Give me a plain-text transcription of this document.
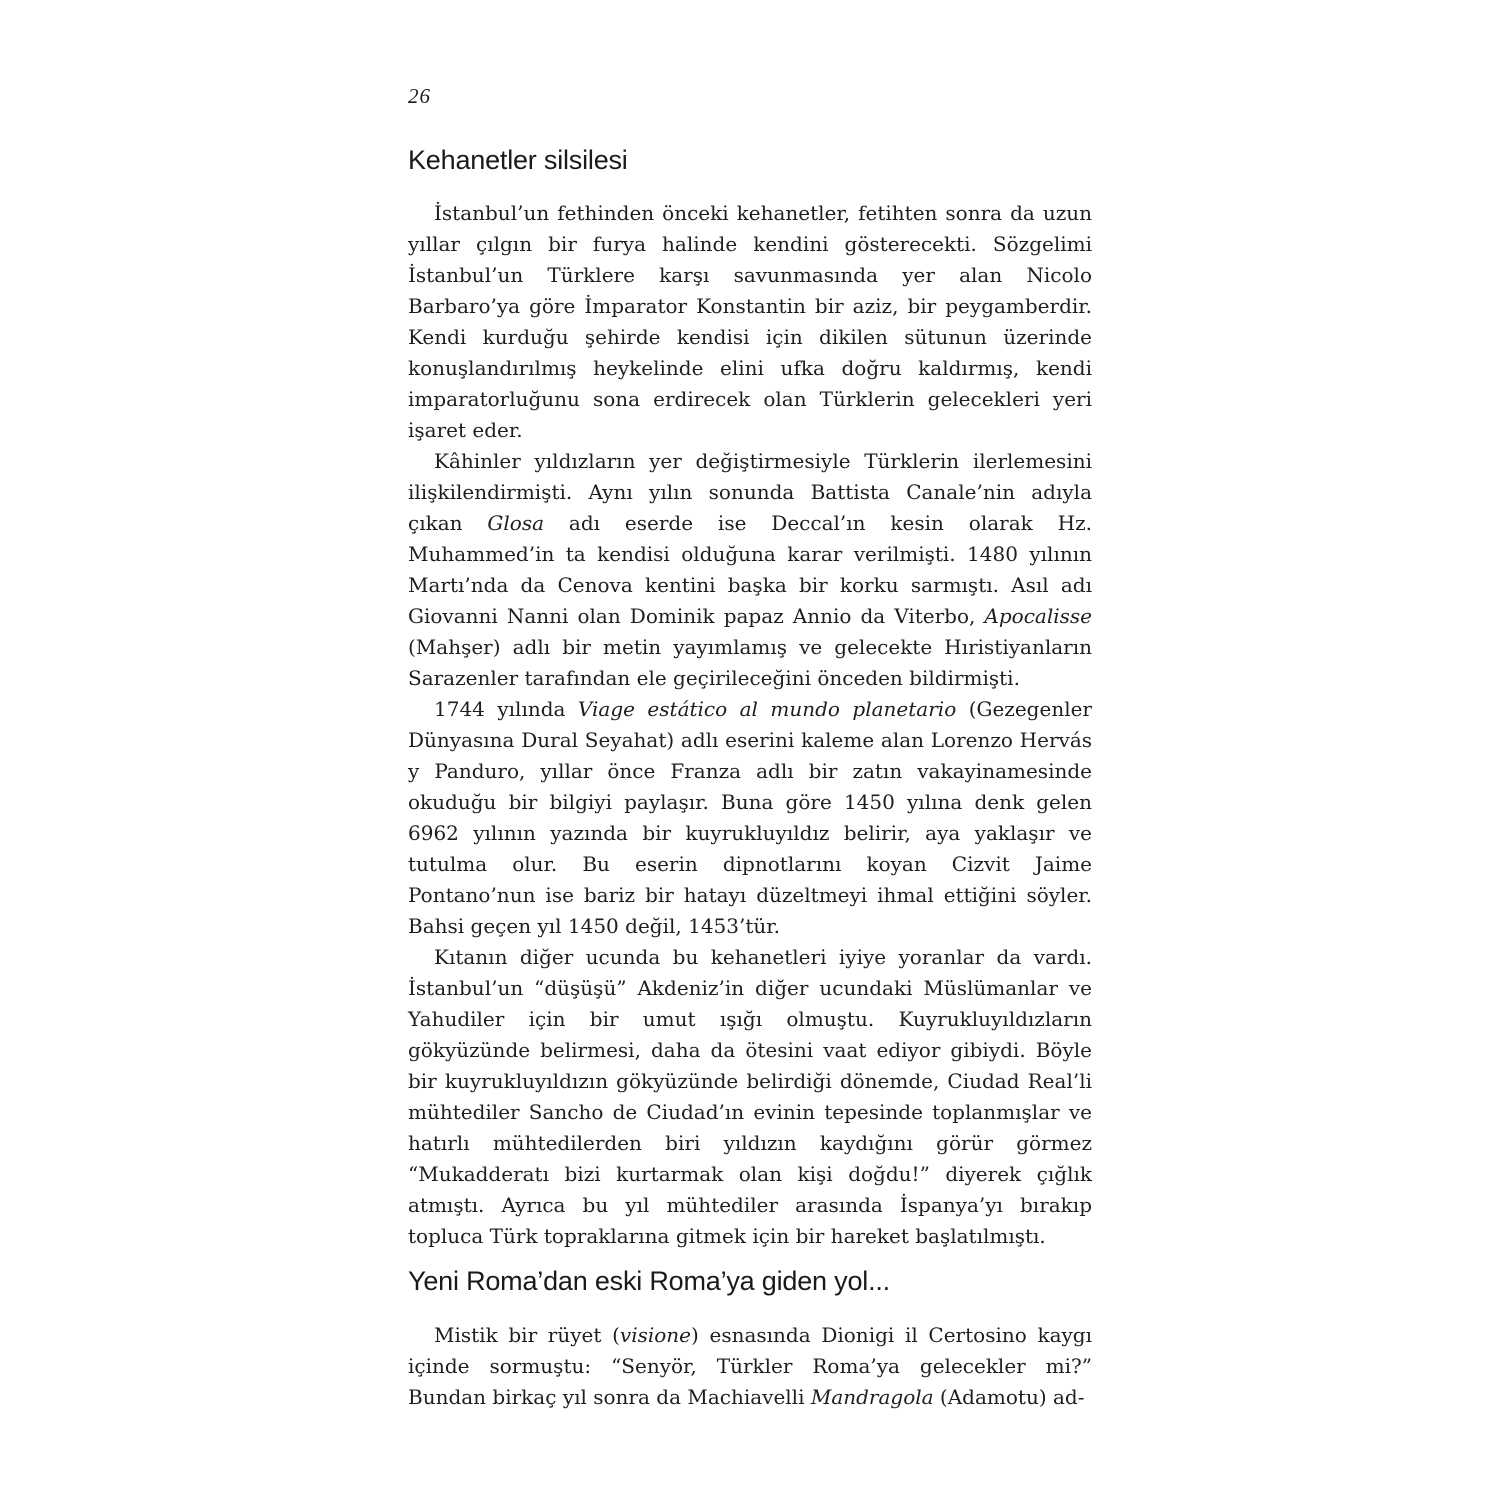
26
Kehanetler silsilesi

İstanbul’un fethinden önceki kehanetler, fetihten sonra da uzun yıllar çılgın bir furya halinde kendini gösterecekti. Sözgelimi İstanbul’un Türklere karşı savunmasında yer alan Nicolo Barbaro’ya göre İmparator Konstantin bir aziz, bir peygamberdir. Kendi kurduğu şehirde kendisi için dikilen sütunun üzerinde konuşlandırılmış heykelinde elini ufka doğru kaldırmış, kendi imparatorluğunu sona erdirecek olan Türklerin gelecekleri yeri işaret eder.

Kâhinler yıldızların yer değiştirmesiyle Türklerin ilerlemesini ilişkilendirmişti. Aynı yılın sonunda Battista Canale’nin adıyla çıkan Glosa adı eserde ise Deccal’ın kesin olarak Hz. Muhammed’in ta kendisi olduğuna karar verilmişti. 1480 yılının Martı’nda da Cenova kentini başka bir korku sarmıştı. Asıl adı Giovanni Nanni olan Dominik papaz Annio da Viterbo, Apocalisse (Mahşer) adlı bir metin yayımlamış ve gelecekte Hıristiyanların Sarazenler tarafından ele geçirileceğini önceden bildirmişti.

1744 yılında Viage estático al mundo planetario (Gezegenler Dünyasına Dural Seyahat) adlı eserini kaleme alan Lorenzo Hervás y Panduro, yıllar önce Franza adlı bir zatın vakayinamesinde okuduğu bir bilgiyi paylaşır. Buna göre 1450 yılına denk gelen 6962 yılının yazında bir kuyrukluyıldız belirir, aya yaklaşır ve tutulma olur. Bu eserin dipnotlarını koyan Cizvit Jaime Pontano’nun ise bariz bir hatayı düzeltmeyi ihmal ettiğini söyler. Bahsi geçen yıl 1450 değil, 1453’tür.

Kıtanın diğer ucunda bu kehanetleri iyiye yoranlar da vardı. İstanbul’un “düşüşü” Akdeniz’in diğer ucundaki Müslümanlar ve Yahudiler için bir umut ışığı olmuştu. Kuyrukluyıldızların gökyüzünde belirmesi, daha da ötesini vaat ediyor gibiydi. Böyle bir kuyrukluyıldızın gökyüzünde belirdiği dönemde, Ciudad Real’li mühtediler Sancho de Ciudad’ın evinin tepesinde toplanmışlar ve hatırlı mühtedilerden biri yıldızın kaydığını görür görmez “Mukadderatı bizi kurtarmak olan kişi doğdu!” diyerek çığlık atmıştı. Ayrıca bu yıl mühtediler arasında İspanya’yı bırakıp topluca Türk topraklarına gitmek için bir hareket başlatılmıştı.

Yeni Roma’dan eski Roma’ya giden yol...

Mistik bir rüyet (visione) esnasında Dionigi il Certosino kaygı içinde sormuştu: “Senyör, Türkler Roma’ya gelecekler mi?” Bundan birkaç yıl sonra da Machiavelli Mandragola (Adamotu) ad-
